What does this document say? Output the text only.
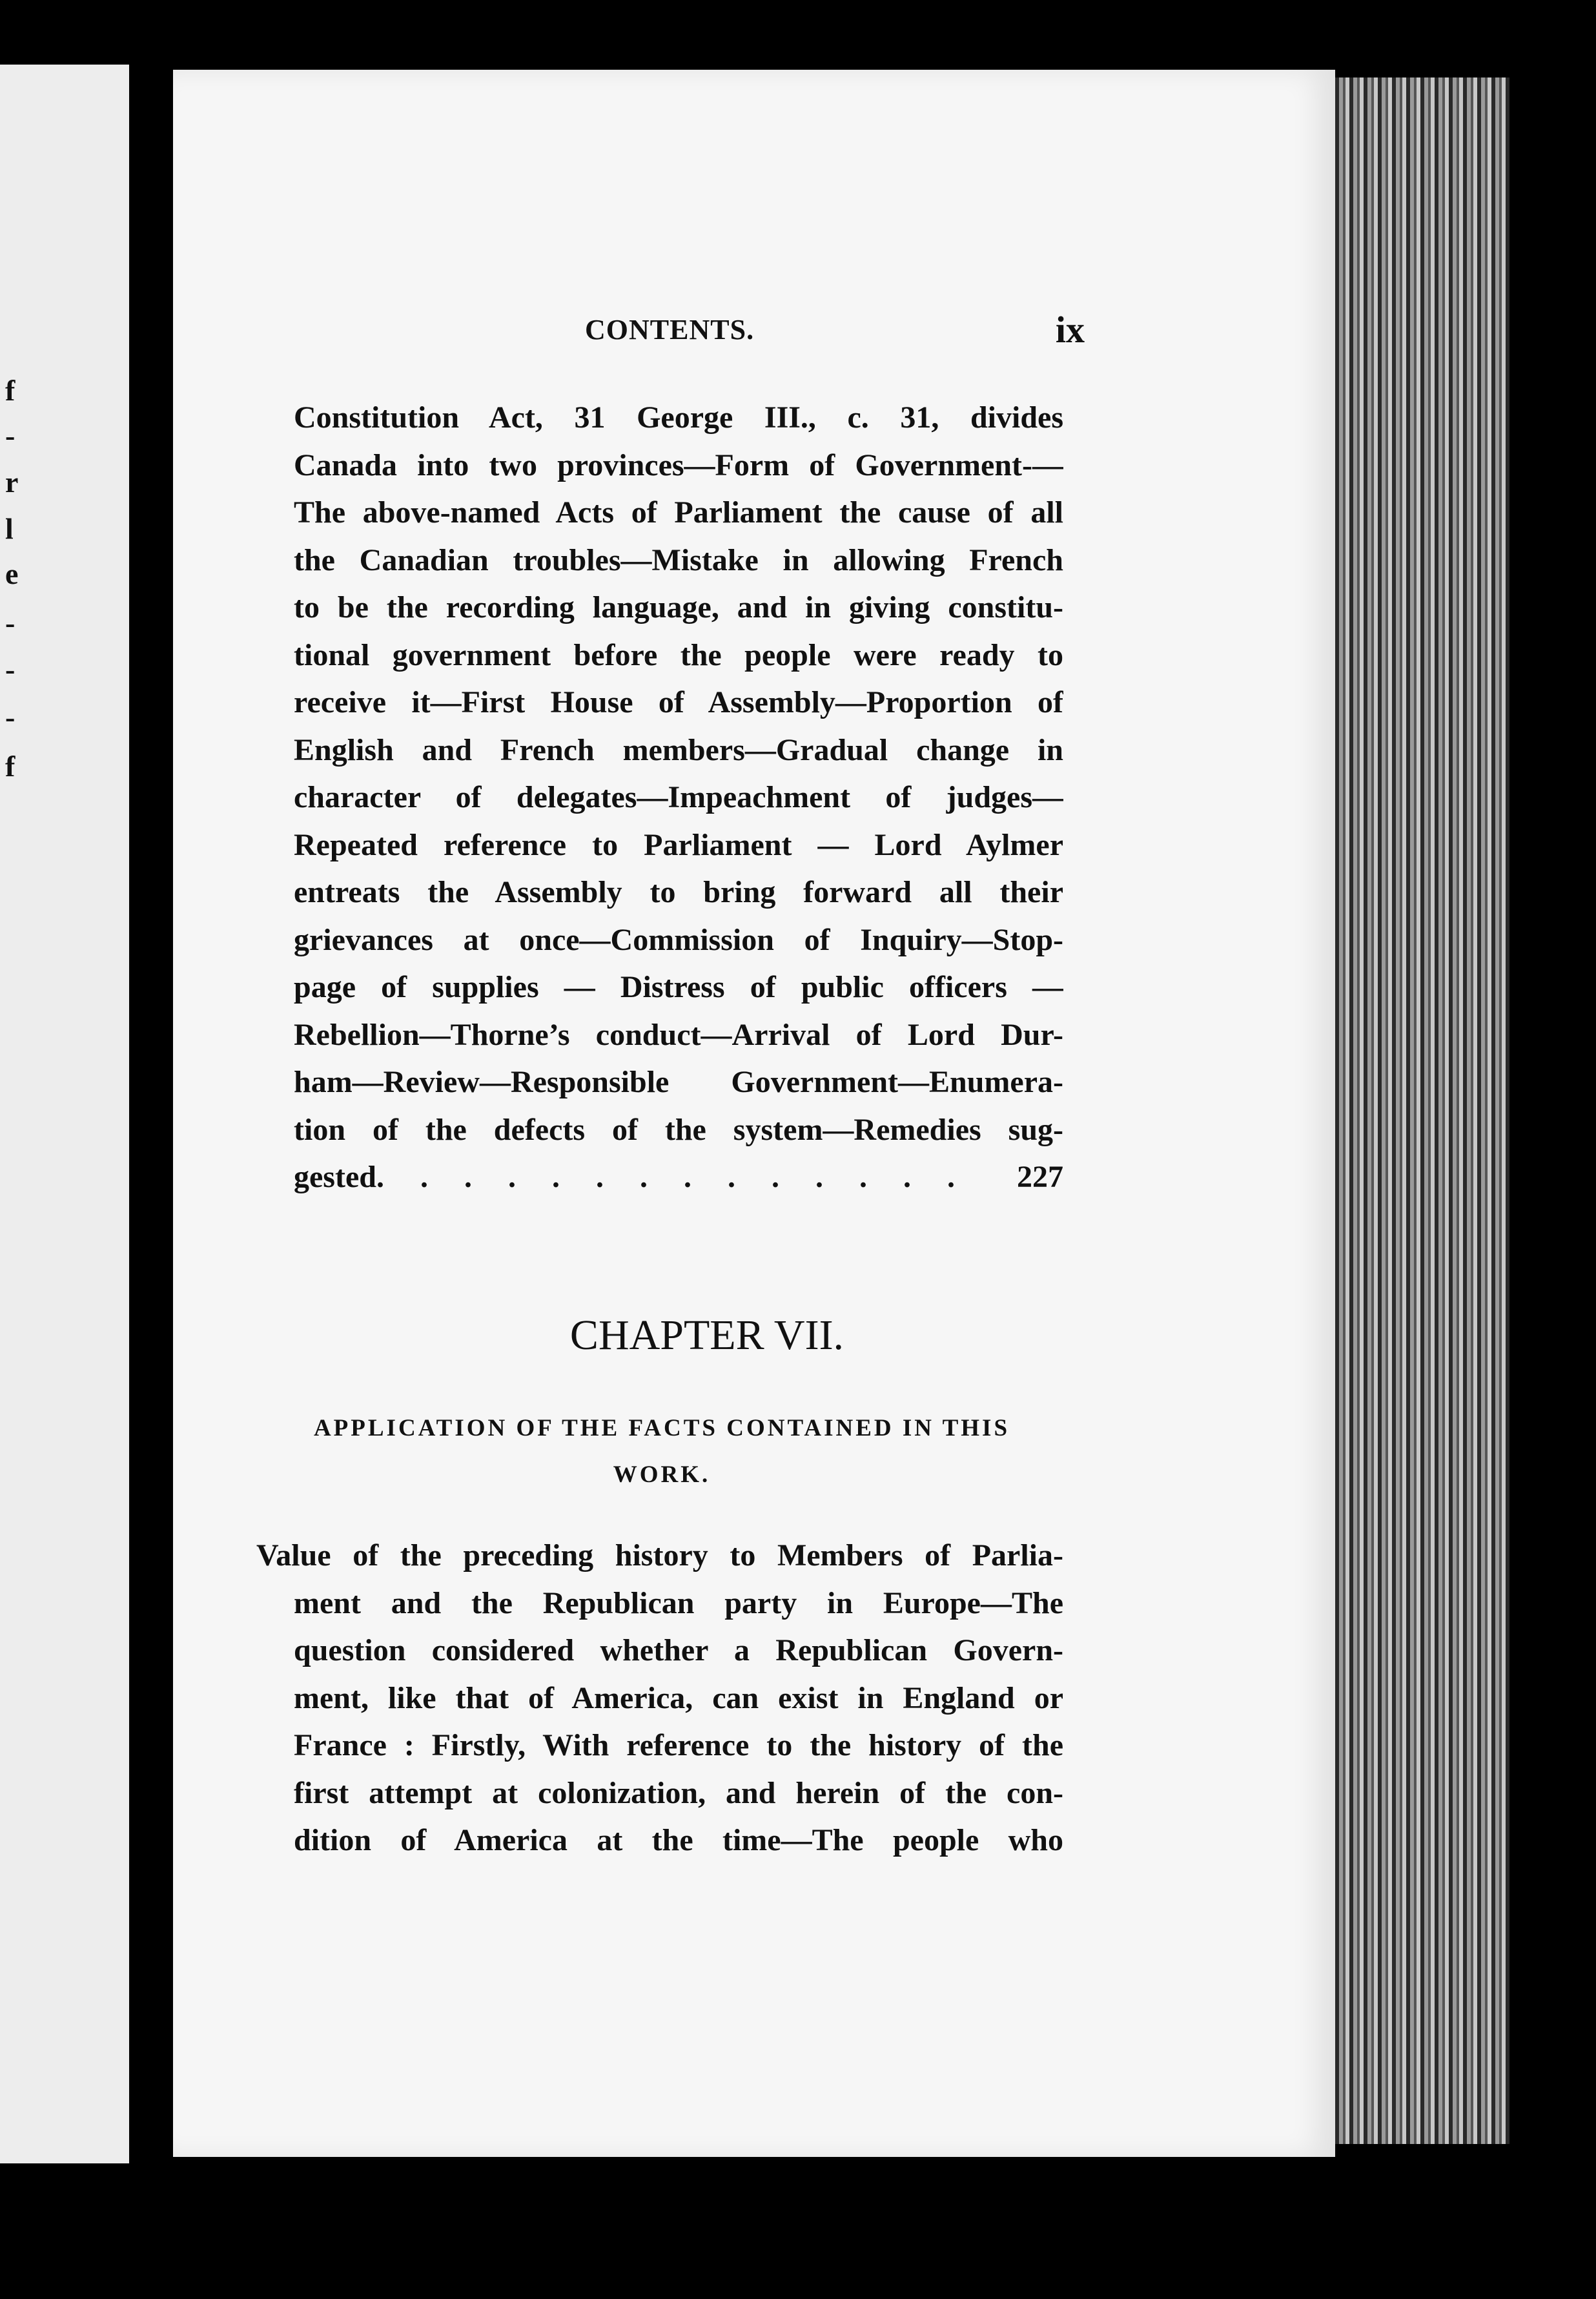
f
-
r
l
e
-
-
-
f
CONTENTS.	ix
Constitution Act, 31 George III., c. 31, divides
Canada into two provinces—Form of Government-—
The above-named Acts of Parliament the cause of all
the Canadian troubles—Mistake in allowing French
to be the recording language, and in giving constitu-
tional government before the people were ready to
receive it—First House of Assembly—Proportion of
English and French members—Gradual change in
character of delegates—Impeachment of judges—
Repeated reference to Parliament — Lord Aylmer
entreats the Assembly to bring forward all their
grievances at once—Commission of Inquiry—Stop-
page of supplies — Distress of public officers —
Rebellion—Thorne’s conduct—Arrival of Lord Dur-
ham—Review—Responsible Government—Enumera-
tion of the defects of the system—Remedies sug-
gested . . . . . . . . . . . . . .	227
CHAPTER VII.
APPLICATION OF THE FACTS CONTAINED IN THIS
WORK.
Value of the preceding history to Members of Parlia-
ment and the Republican party in Europe—The
question considered whether a Republican Govern-
ment, like that of America, can exist in England or
France : Firstly, With reference to the history of the
first attempt at colonization, and herein of the con-
dition of America at the time—The people who
